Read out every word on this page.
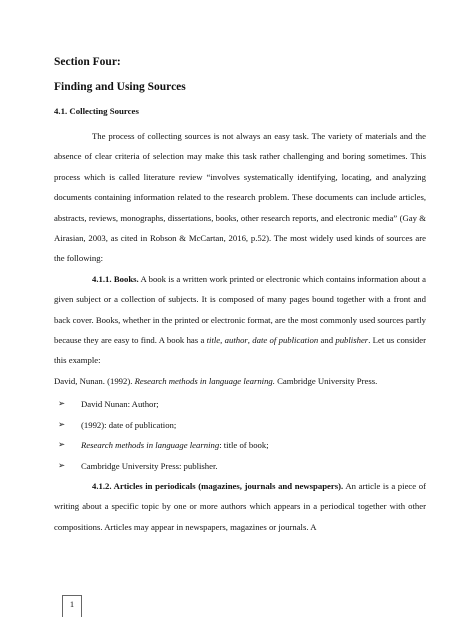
Section Four:
Finding and Using Sources
4.1. Collecting Sources

The process of collecting sources is not always an easy task. The variety of materials and the absence of clear criteria of selection may make this task rather challenging and boring sometimes. This process which is called literature review “involves systematically identifying, locating, and analyzing documents containing information related to the research problem. These documents can include articles, abstracts, reviews, monographs, dissertations, books, other research reports, and electronic media” (Gay & Airasian, 2003, as cited in Robson & McCartan, 2016, p.52). The most widely used kinds of sources are the following:

4.1.1. Books. A book is a written work printed or electronic which contains information about a given subject or a collection of subjects. It is composed of many pages bound together with a front and back cover. Books, whether in the printed or electronic format, are the most commonly used sources partly because they are easy to find. A book has a title, author, date of publication and publisher. Let us consider this example:

David, Nunan. (1992). Research methods in language learning. Cambridge University Press.

➢ David Nunan: Author;
➢ (1992): date of publication;
➢ Research methods in language learning: title of book;
➢ Cambridge University Press: publisher.

4.1.2. Articles in periodicals (magazines, journals and newspapers). An article is a piece of writing about a specific topic by one or more authors which appears in a periodical together with other compositions. Articles may appear in newspapers, magazines or journals. A

1
